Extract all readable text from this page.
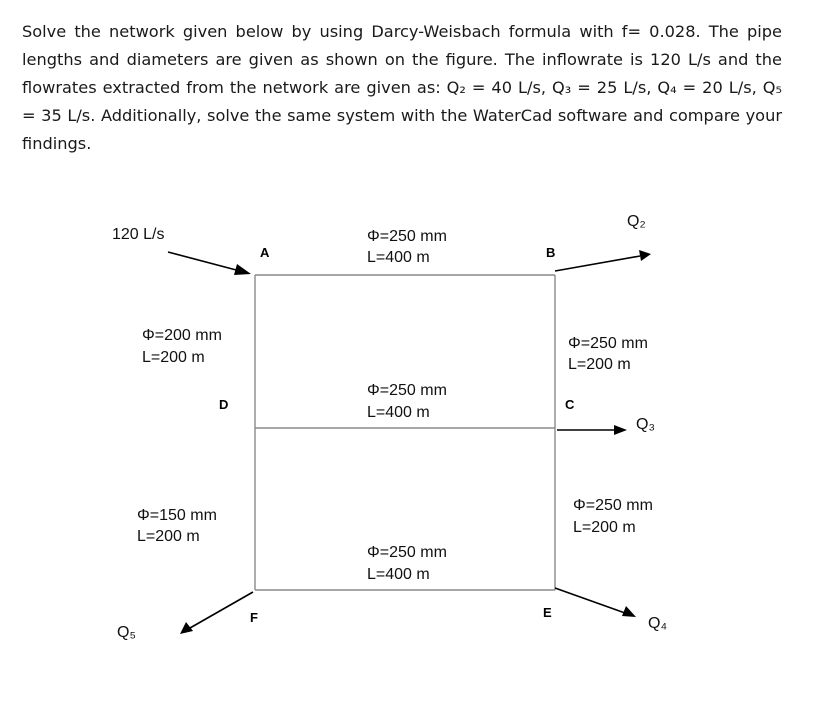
Solve the network given below by using Darcy-Weisbach formula with f= 0.028. The pipe lengths and diameters are given as shown on the figure. The inflowrate is 120 L/s and the flowrates extracted from the network are given as: Q₂ = 40 L/s, Q₃ = 25 L/s, Q₄ = 20 L/s, Q₅ = 35 L/s. Additionally, solve the same system with the WaterCad software and compare your findings.

A	B
C
D
E
F
120 L/s
Q₂
Q₃
Q₄
Q₅
Φ=250 mm
L=400 m
Φ=250 mm
L=400 m
Φ=250 mm
L=400 m
Φ=200 mm
L=200 m
Φ=150 mm
L=200 m
Φ=250 mm
L=200 m
Φ=250 mm
L=200 m
